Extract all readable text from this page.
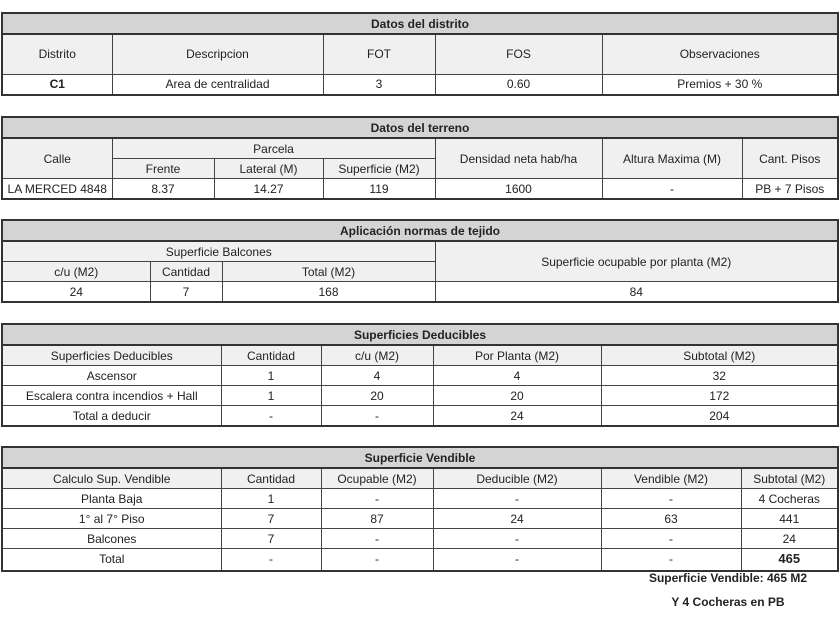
Datos del distrito				
Distrito	Descripcion	FOT	FOS	Observaciones
C1	Area de centralidad	3	0.60	Premios + 30 %
Datos del terreno						
Calle	Parcela			Densidad neta hab/ha	Altura Maxima (M)	Cant. Pisos
	Frente	Lateral (M)	Superficie (M2)			
LA MERCED 4848	8.37	14.27	119	1600	-	PB + 7 Pisos
Aplicación normas de tejido			
Superficie Balcones			Superficie ocupable por planta (M2)
c/u (M2)	Cantidad	Total (M2)	
24	7	168	84
Superficies Deducibles				
Superficies Deducibles	Cantidad	c/u (M2)	Por Planta (M2)	Subtotal (M2)
Ascensor	1	4	4	32
Escalera contra incendios + Hall	1	20	20	172
Total a deducir	-	-	24	204
Superficie Vendible					
Calculo Sup. Vendible	Cantidad	Ocupable (M2)	Deducible (M2)	Vendible (M2)	Subtotal (M2)
Planta Baja	1	-	-	-	4 Cocheras
1° al 7° Piso	7	87	24	63	441
Balcones	7	-	-	-	24
Total	-	-	-	-	465
Superficie Vendible: 465 M2
Y 4 Cocheras en PB
